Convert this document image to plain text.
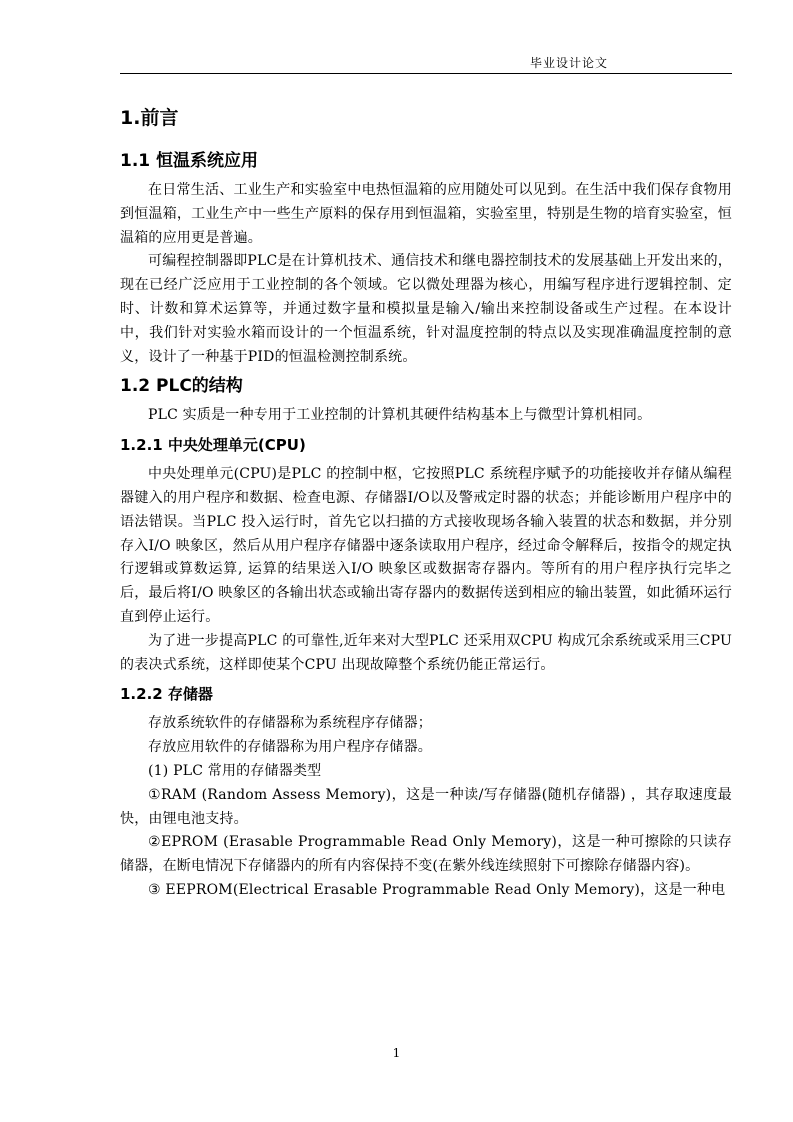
毕业设计论文
1.前言
1.1 恒温系统应用

在日常生活、工业生产和实验室中电热恒温箱的应用随处可以见到。在生活中我们保存食物用到恒温箱，工业生产中一些生产原料的保存用到恒温箱，实验室里，特别是生物的培育实验室，恒温箱的应用更是普遍。

可编程控制器即PLC是在计算机技术、通信技术和继电器控制技术的发展基础上开发出来的，现在已经广泛应用于工业控制的各个领域。它以微处理器为核心，用编写程序进行逻辑控制、定时、计数和算术运算等，并通过数字量和模拟量是输入/输出来控制设备或生产过程。在本设计中，我们针对实验水箱而设计的一个恒温系统，针对温度控制的特点以及实现准确温度控制的意义，设计了一种基于PID的恒温检测控制系统。

1.2 PLC的结构

PLC 实质是一种专用于工业控制的计算机其硬件结构基本上与微型计算机相同。

1.2.1 中央处理单元(CPU)

中央处理单元(CPU)是PLC 的控制中枢，它按照PLC 系统程序赋予的功能接收并存储从编程器键入的用户程序和数据、检查电源、存储器I/O以及警戒定时器的状态；并能诊断用户程序中的语法错误。当PLC 投入运行时，首先它以扫描的方式接收现场各输入装置的状态和数据，并分别存入I/O 映象区，然后从用户程序存储器中逐条读取用户程序，经过命令解释后，按指令的规定执行逻辑或算数运算, 运算的结果送入I/O 映象区或数据寄存器内。等所有的用户程序执行完毕之后，最后将I/O 映象区的各输出状态或输出寄存器内的数据传送到相应的输出装置，如此循环运行直到停止运行。

为了进一步提高PLC 的可靠性,近年来对大型PLC 还采用双CPU 构成冗余系统或采用三CPU 的表决式系统，这样即使某个CPU 出现故障整个系统仍能正常运行。

1.2.2 存储器

存放系统软件的存储器称为系统程序存储器；

存放应用软件的存储器称为用户程序存储器。

(1) PLC 常用的存储器类型

①RAM (Random Assess Memory)，这是一种读/写存储器(随机存储器) ，其存取速度最快，由锂电池支持。

②EPROM (Erasable Programmable Read Only Memory)，这是一种可擦除的只读存储器，在断电情况下存储器内的所有内容保持不变(在紫外线连续照射下可擦除存储器内容)。

③ EEPROM(Electrical Erasable Programmable Read Only Memory)，这是一种电

1
